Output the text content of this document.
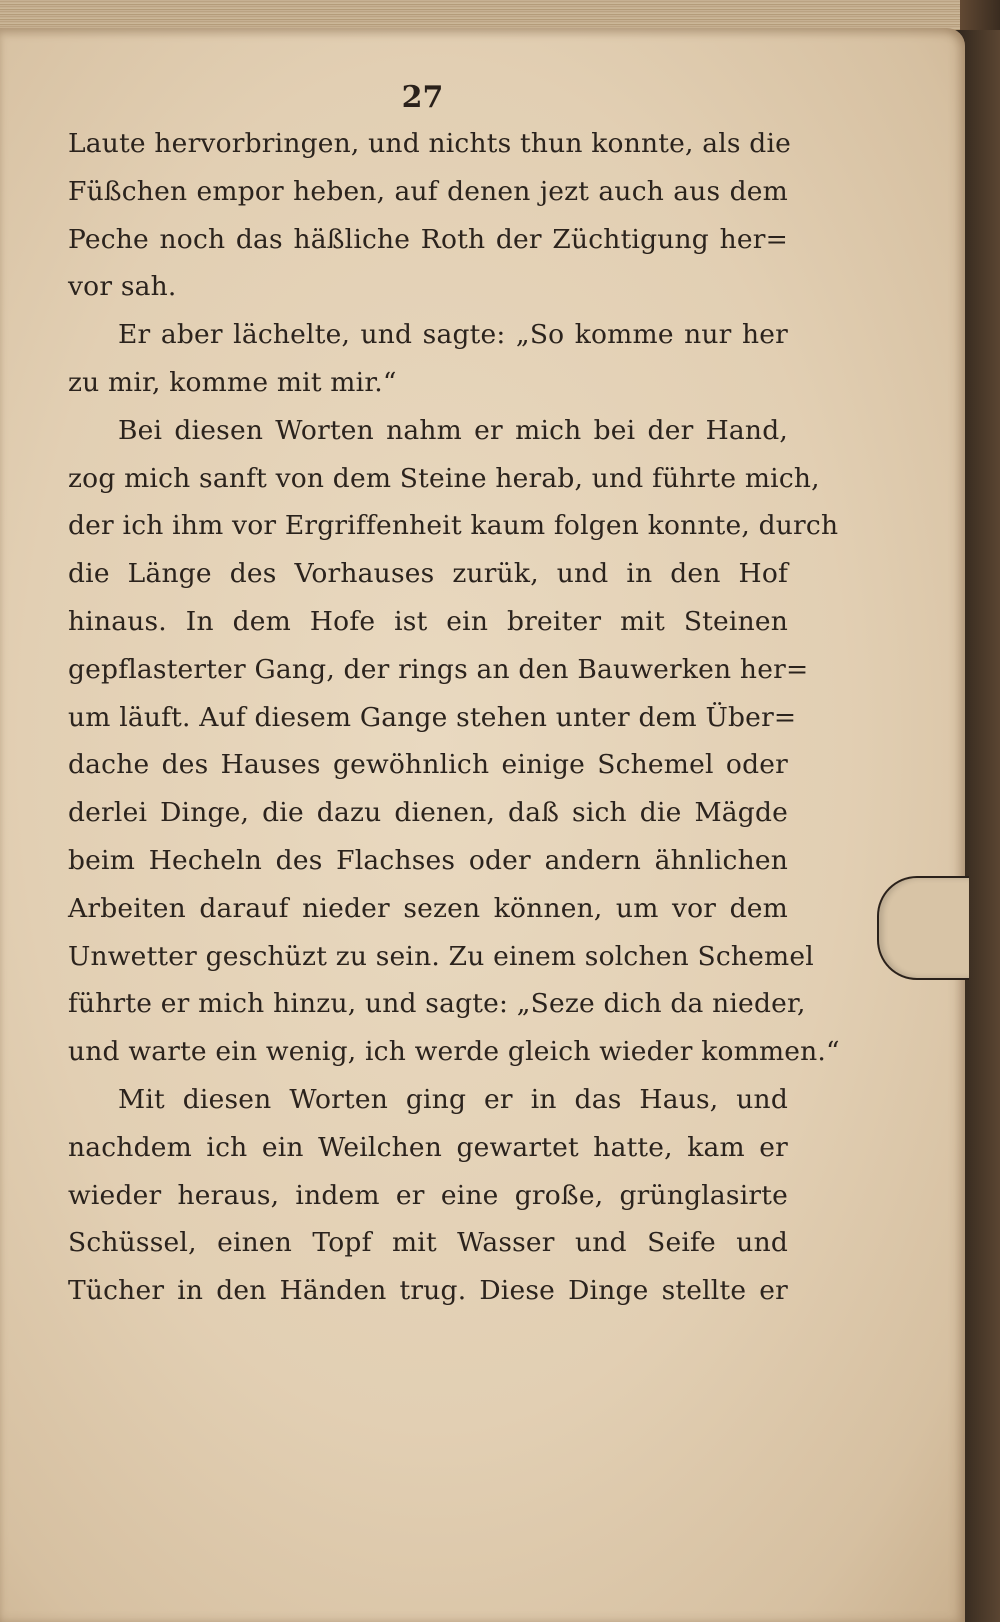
27
Laute hervorbringen, und nichts thun konnte, als die
Füßchen empor heben, auf denen jezt auch aus dem
Peche noch das häßliche Roth der Züchtigung her=
vor sah.
Er aber lächelte, und sagte: „So komme nur her
zu mir, komme mit mir.“
Bei diesen Worten nahm er mich bei der Hand,
zog mich sanft von dem Steine herab, und führte mich,
der ich ihm vor Ergriffenheit kaum folgen konnte, durch
die Länge des Vorhauses zurük, und in den Hof
hinaus. In dem Hofe ist ein breiter mit Steinen
gepflasterter Gang, der rings an den Bauwerken her=
um läuft. Auf diesem Gange stehen unter dem Über=
dache des Hauses gewöhnlich einige Schemel oder
derlei Dinge, die dazu dienen, daß sich die Mägde
beim Hecheln des Flachses oder andern ähnlichen
Arbeiten darauf nieder sezen können, um vor dem
Unwetter geschüzt zu sein. Zu einem solchen Schemel
führte er mich hinzu, und sagte: „Seze dich da nieder,
und warte ein wenig, ich werde gleich wieder kommen.“
Mit diesen Worten ging er in das Haus, und
nachdem ich ein Weilchen gewartet hatte, kam er
wieder heraus, indem er eine große, grünglasirte
Schüssel, einen Topf mit Wasser und Seife und
Tücher in den Händen trug. Diese Dinge stellte er
